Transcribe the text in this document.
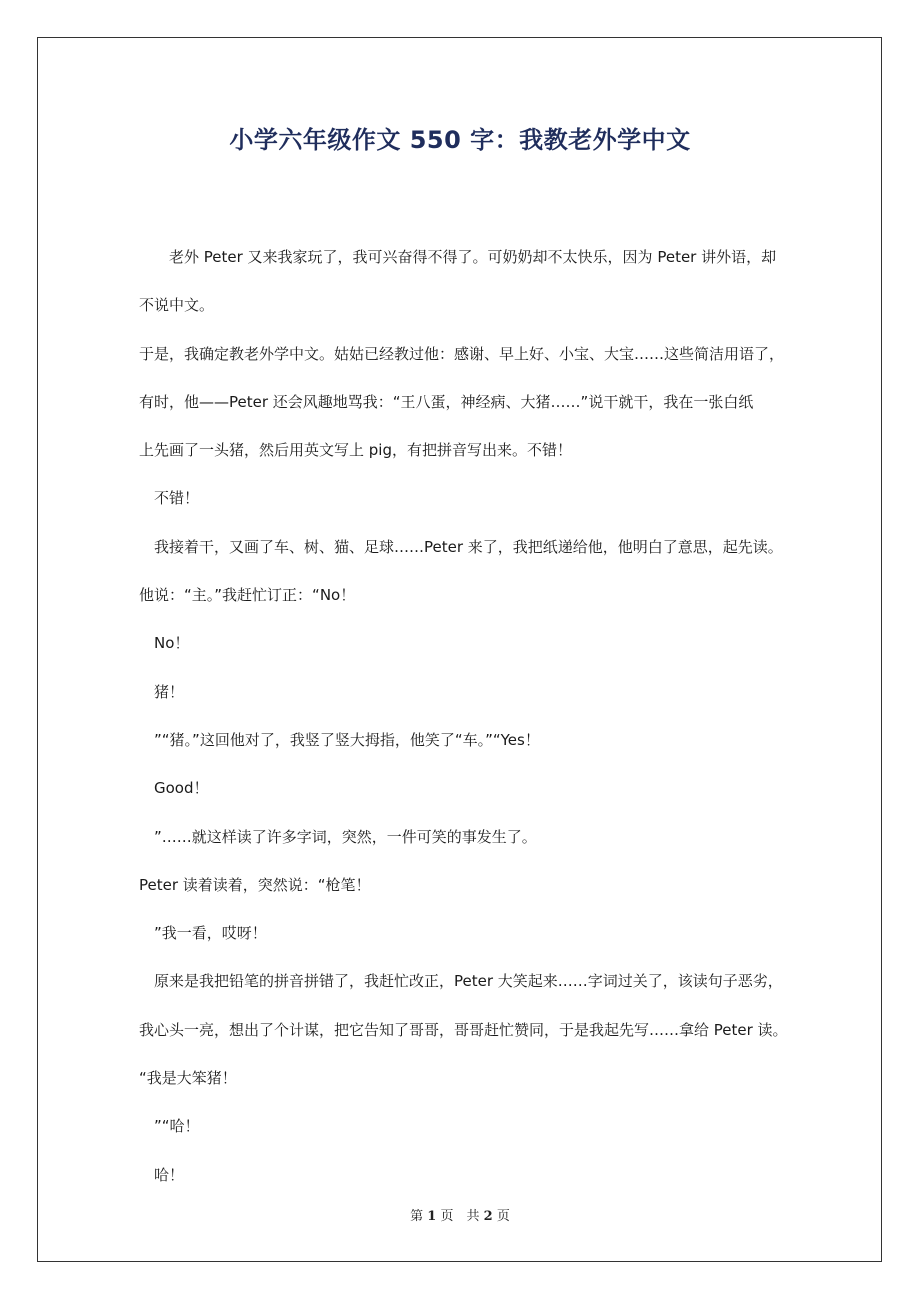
小学六年级作文 550 字：我教老外学中文
　　老外 Peter 又来我家玩了，我可兴奋得不得了。可奶奶却不太快乐，因为 Peter 讲外语，却
不说中文。
于是，我确定教老外学中文。姑姑已经教过他：感谢、早上好、小宝、大宝……这些简洁用语了，
有时，他——Peter 还会风趣地骂我：“王八蛋，神经病、大猪……”说干就干，我在一张白纸
上先画了一头猪，然后用英文写上 pig，有把拼音写出来。不错！
　不错！
　我接着干，又画了车、树、猫、足球……Peter 来了，我把纸递给他，他明白了意思，起先读。
他说：“主。”我赶忙订正：“No！
　No！
　猪！
　”“猪。”这回他对了，我竖了竖大拇指，他笑了“车。”“Yes！
　Good！
　”……就这样读了许多字词，突然，一件可笑的事发生了。
Peter 读着读着，突然说：“枪笔！
　”我一看，哎呀！
　原来是我把铅笔的拼音拼错了，我赶忙改正，Peter 大笑起来……字词过关了，该读句子恶劣，
我心头一亮，想出了个计谋，把它告知了哥哥，哥哥赶忙赞同，于是我起先写……拿给 Peter 读。
“我是大笨猪！
　”“哈！
　哈！
第 1 页　共 2 页
